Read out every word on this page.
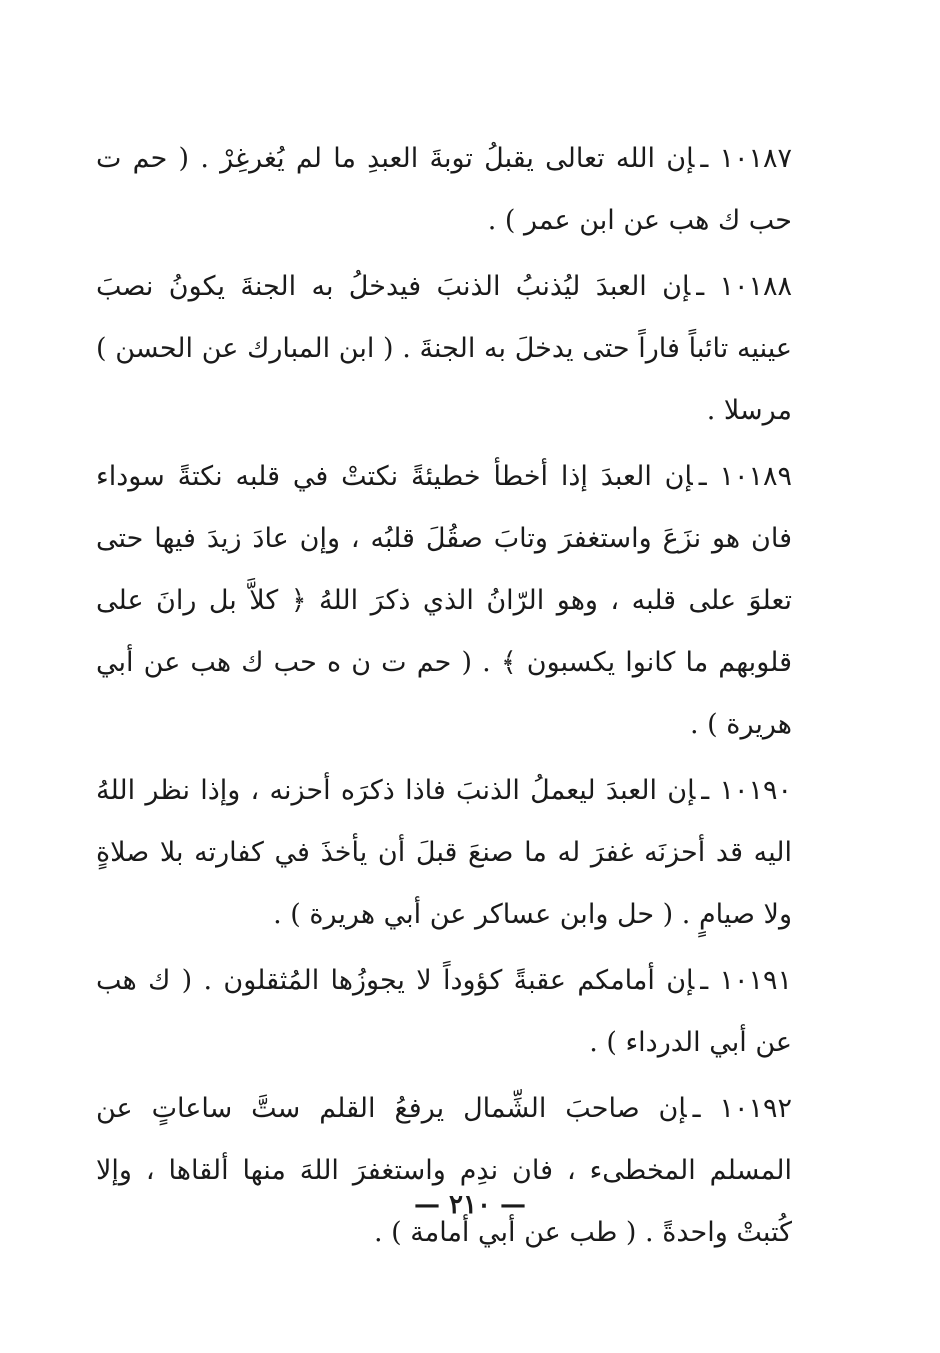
١٠١٨٧ ـإن الله تعالى يقبلُ توبةَ العبدِ ما لم يُغرغِرْ . ( حم ت حب ك هب عن ابن عمر ) .

١٠١٨٨ ـإن العبدَ ليُذنبُ الذنبَ فيدخلُ به الجنةَ يكونُ نصبَ عينيه تائباً فاراً حتى يدخلَ به الجنةَ . ( ابن المبارك عن الحسن ) مرسلا .

١٠١٨٩ ـإن العبدَ إذا أخطأ خطيئةً نكتتْ في قلبه نكتةً سوداء فان هو نزَعَ واستغفرَ وتابَ صقُلَ قلبُه ، وإن عادَ زيدَ فيها حتى تعلوَ على قلبه ، وهو الرّانُ الذي ذكرَ اللهُ ﴿ كلاَّ بل رانَ على قلوبهم ما كانوا يكسبون ﴾ . ( حم ت ن ه حب ك هب عن أبي هريرة ) .

١٠١٩٠ ـإن العبدَ ليعملُ الذنبَ فاذا ذكرَه أحزنه ، وإذا نظر اللهُ اليه قد أحزنَه غفرَ له ما صنعَ قبلَ أن يأخذَ في كفارته بلا صلاةٍ ولا صيامٍ . ( حل وابن عساكر عن أبي هريرة ) .

١٠١٩١ ـإن أمامكم عقبةً كؤوداً لا يجوزُها المُثقلون . ( ك هب عن أبي الدرداء ) .

١٠١٩٢ ـإن صاحبَ الشِّمال يرفعُ القلم ستَّ ساعاتٍ عن المسلم المخطىء ، فان ندِم واستغفرَ اللهَ منها ألقاها ، وإلا كُتبتْ واحدةً . ( طب عن أبي أمامة ) .

— ٢١٠ —
